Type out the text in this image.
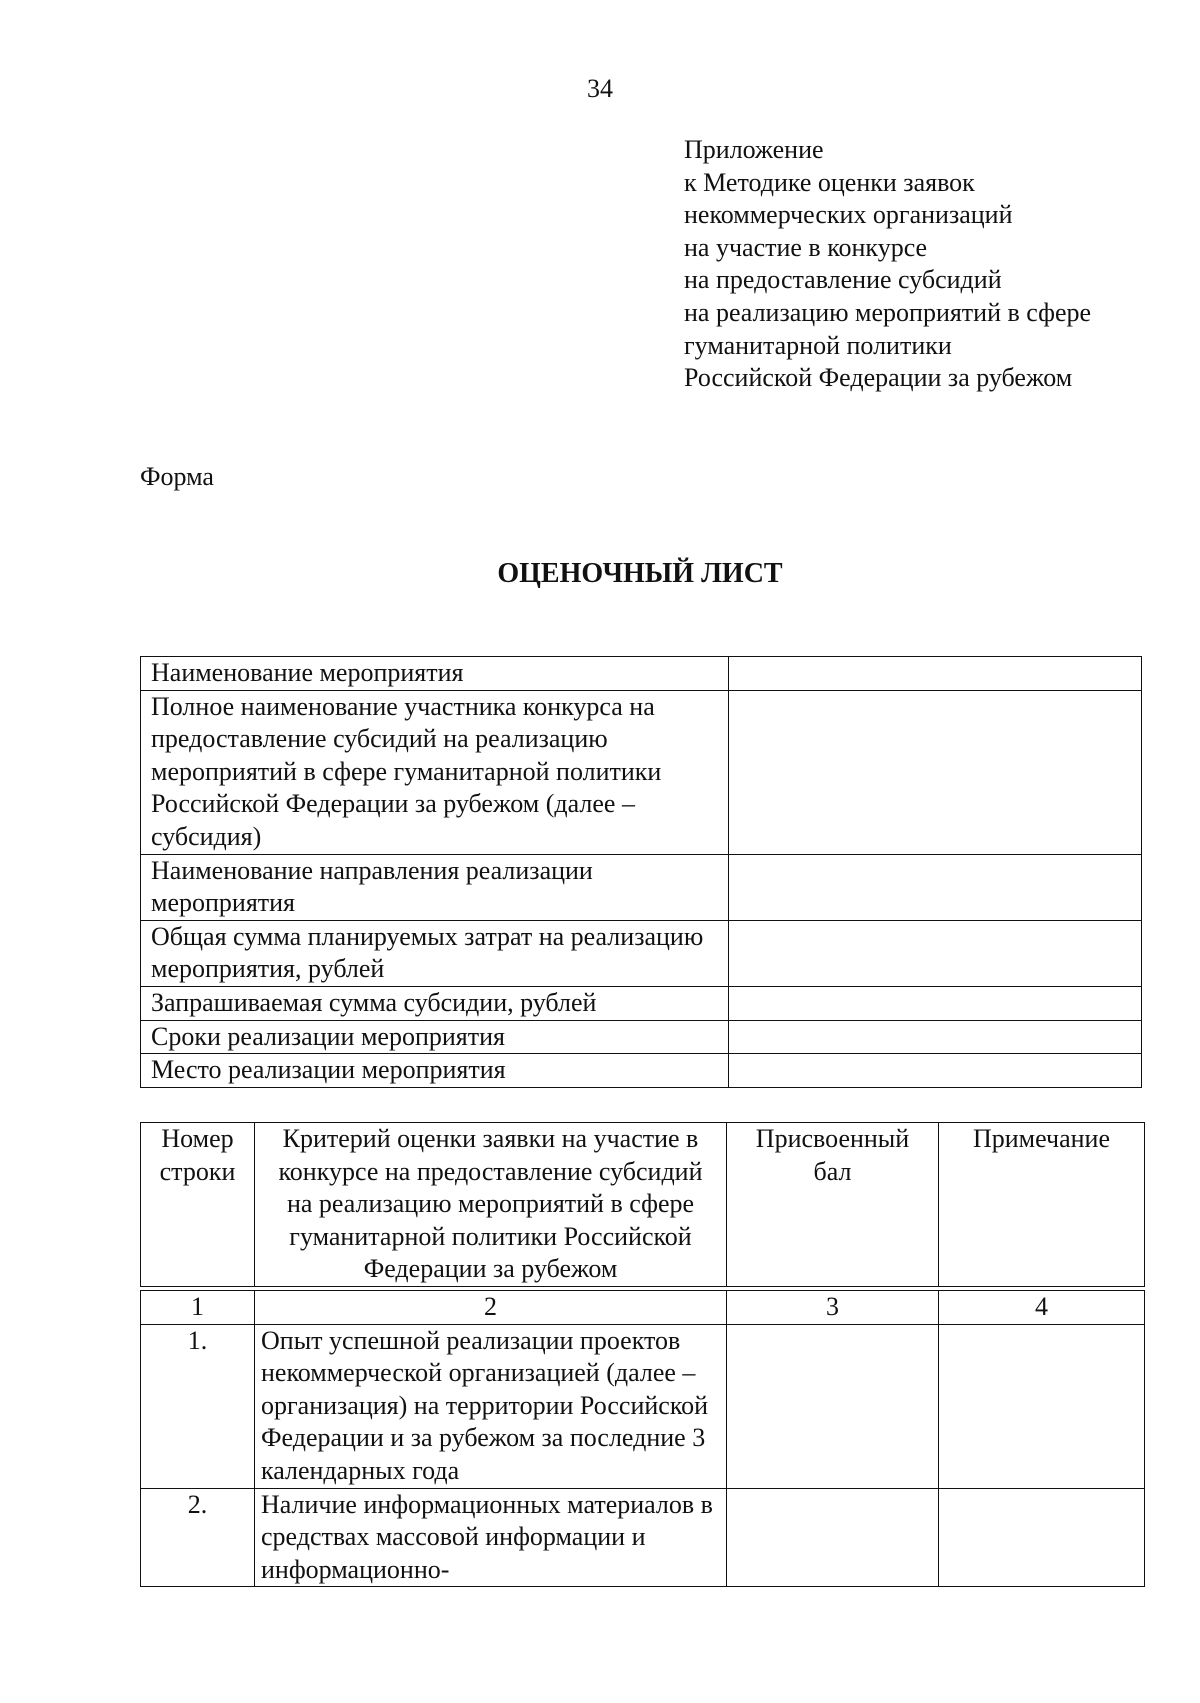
34
Приложение
к Методике оценки заявок
некоммерческих организаций
на участие в конкурсе
на предоставление субсидий
на реализацию мероприятий в сфере
гуманитарной политики
Российской Федерации за рубежом
Форма
ОЦЕНОЧНЫЙ ЛИСТ
Наименование мероприятия	
Полное наименование участника конкурса на предоставление субсидий на реализацию мероприятий в сфере гуманитарной политики Российской Федерации за рубежом (далее – субсидия)	
Наименование направления реализации мероприятия	
Общая сумма планируемых затрат на реализацию мероприятия, рублей	
Запрашиваемая сумма субсидии, рублей	
Сроки реализации мероприятия	
Место реализации мероприятия	
Номер строки	Критерий оценки заявки на участие в конкурсе на предоставление субсидий на реализацию мероприятий в сфере гуманитарной политики Российской Федерации за рубежом	Присвоенный бал	Примечание

1	2	3	4
1.	Опыт успешной реализации проектов некоммерческой организацией (далее – организация) на территории Российской Федерации и за рубежом за последние 3 календарных года		
2.	Наличие информационных материалов в средствах массовой информации и информационно-		
